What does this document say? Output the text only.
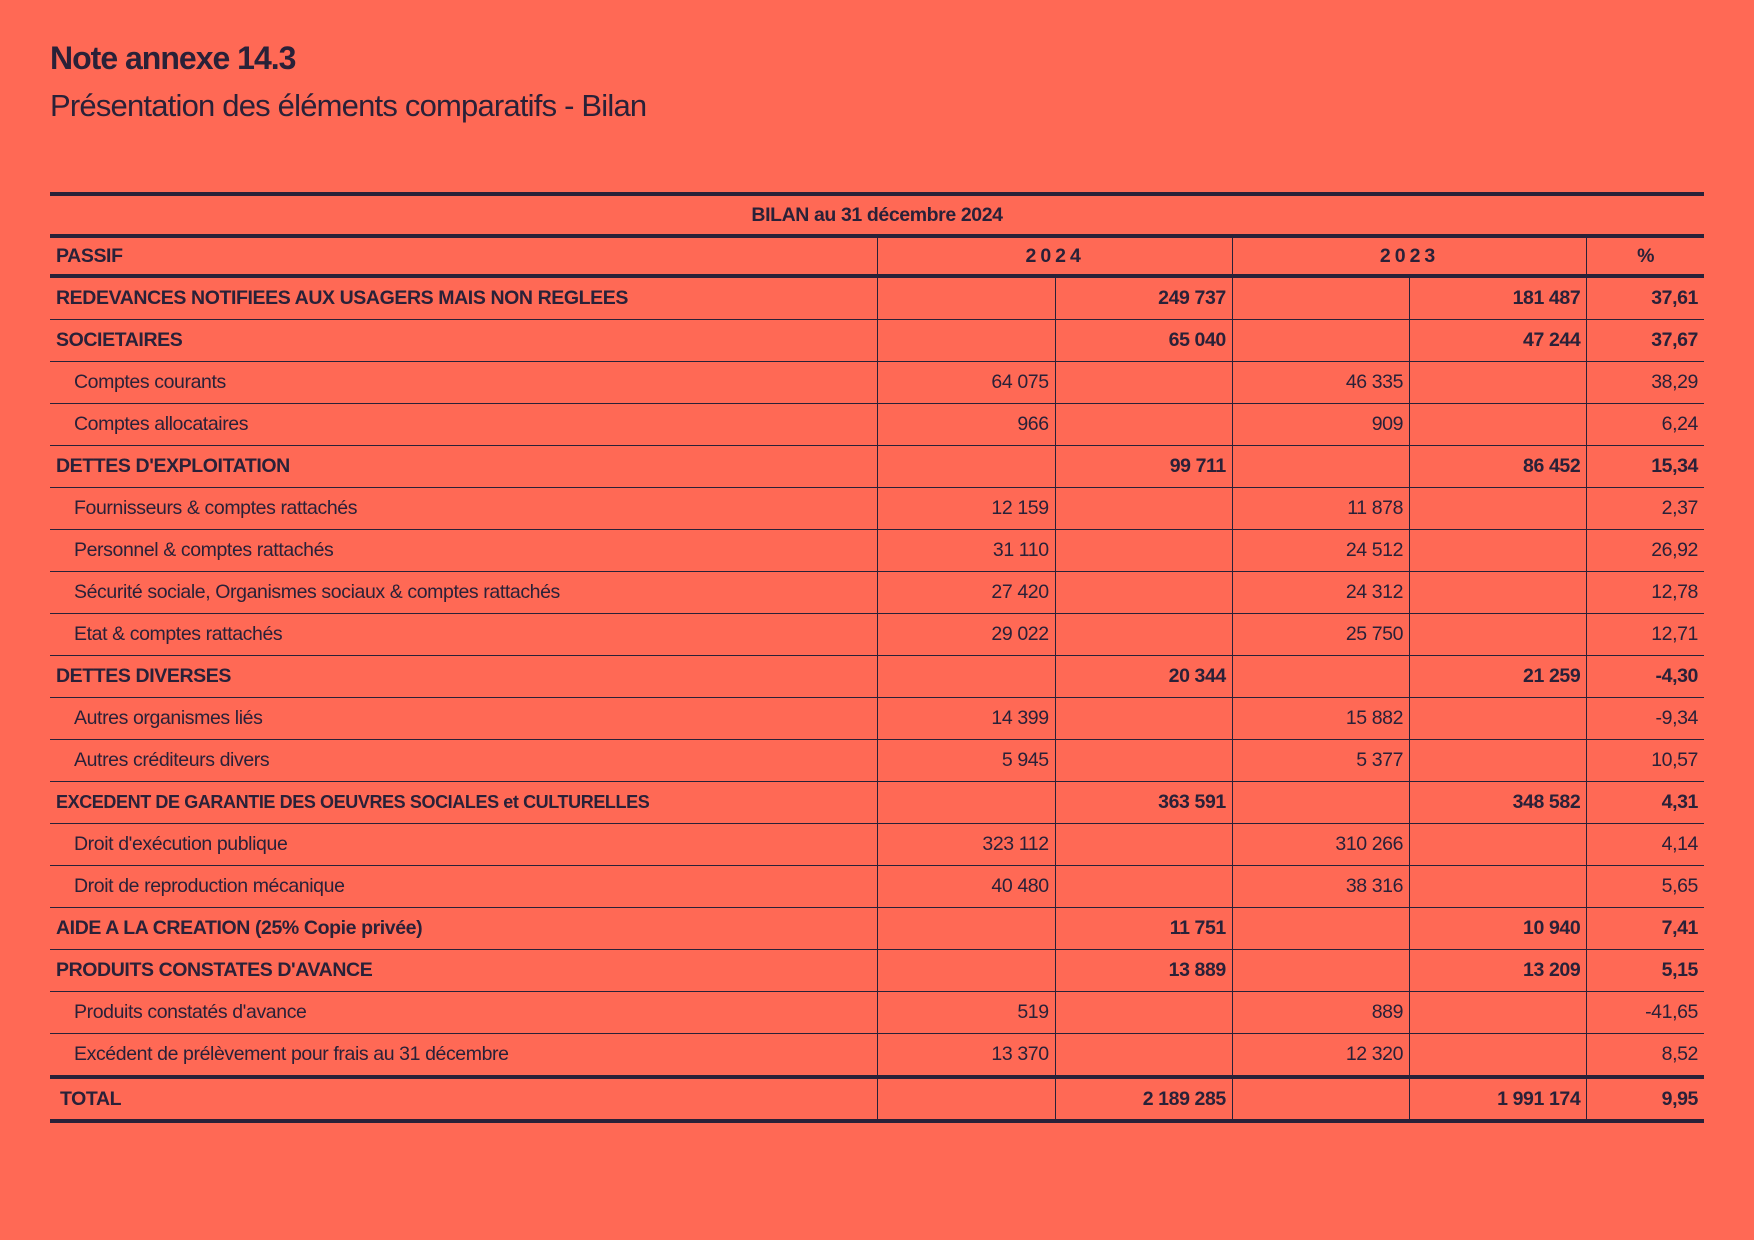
Note annexe 14.3
Présentation des éléments comparatifs - Bilan
BILAN au 31 décembre 2024					
PASSIF	2024		2023		%
REDEVANCES NOTIFIEES AUX USAGERS MAIS NON REGLEES		249 737		181 487	37,61
SOCIETAIRES		65 040		47 244	37,67
Comptes courants	64 075		46 335		38,29
Comptes allocataires	966		909		6,24
DETTES D'EXPLOITATION		99 711		86 452	15,34
Fournisseurs & comptes rattachés	12 159		11 878		2,37
Personnel & comptes rattachés	31 110		24 512		26,92
Sécurité sociale, Organismes sociaux & comptes rattachés	27 420		24 312		12,78
Etat & comptes rattachés	29 022		25 750		12,71
DETTES DIVERSES		20 344		21 259	-4,30
Autres organismes liés	14 399		15 882		-9,34
Autres créditeurs divers	5 945		5 377		10,57
EXCEDENT DE GARANTIE DES OEUVRES SOCIALES et CULTURELLES		363 591		348 582	4,31
Droit d'exécution publique	323 112		310 266		4,14
Droit de reproduction mécanique	40 480		38 316		5,65
AIDE A LA CREATION (25% Copie privée)		11 751		10 940	7,41
PRODUITS CONSTATES D'AVANCE		13 889		13 209	5,15
Produits constatés d'avance	519		889		-41,65
Excédent de prélèvement pour frais au 31 décembre	13 370		12 320		8,52
TOTAL		2 189 285		1 991 174	9,95
